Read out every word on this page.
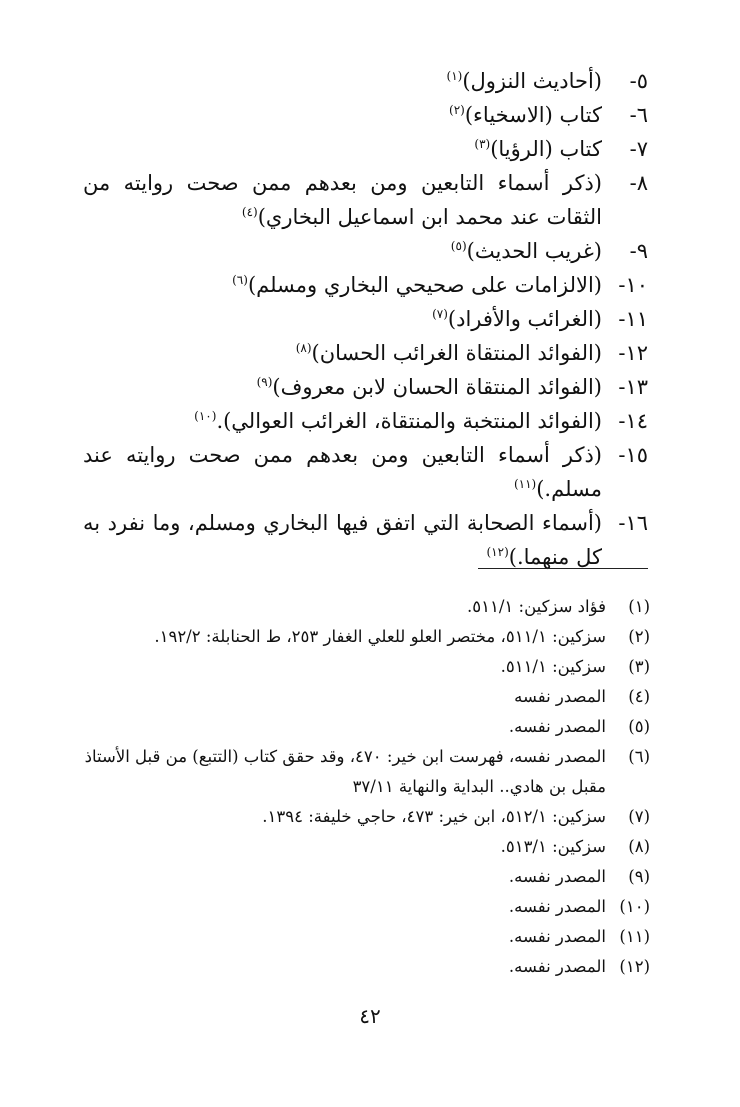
٥-
(أحاديث النزول)$^{(١)}$
٦-
كتاب (الاسخياء)$^{(٢)}$
٧-
كتاب (الرؤيا)$^{(٣)}$
٨-
(ذكر أسماء التابعين ومن بعدهم ممن صحت روايته من الثقات عند محمد ابن اسماعيل البخاري)$^{(٤)}$
٩-
(غريب الحديث)$^{(٥)}$
١٠-
(الالزامات على صحيحي البخاري ومسلم)$^{(٦)}$
١١-
(الغرائب والأفراد)$^{(٧)}$
١٢-
(الفوائد المنتقاة الغرائب الحسان)$^{(٨)}$
١٣-
(الفوائد المنتقاة الحسان لابن معروف)$^{(٩)}$
١٤-
(الفوائد المنتخبة والمنتقاة، الغرائب العوالي).$^{(١٠)}$
١٥-
(ذكر أسماء التابعين ومن بعدهم ممن صحت روايته عند مسلم.)$^{(١١)}$
١٦-
(أسماء الصحابة التي اتفق فيها البخاري ومسلم، وما نفرد به كل منهما.)$^{(١٢)}$
(١)
فؤاد سزكين: ٥١١/١.
(٢)
سزكين: ٥١١/١، مختصر العلو للعلي الغفار ٢٥٣، ط الحنابلة: ١٩٢/٢.
(٣)
سزكين: ٥١١/١.
(٤)
المصدر نفسه
(٥)
المصدر نفسه.
(٦)
المصدر نفسه، فهرست ابن خير: ٤٧٠، وقد حقق كتاب (التتبع) من قبل الأستاذ مقبل بن هادي.. البداية والنهاية ٣٧/١١
(٧)
سزكين: ٥١٢/١، ابن خير: ٤٧٣، حاجي خليفة: ١٣٩٤.
(٨)
سزكين: ٥١٣/١.
(٩)
المصدر نفسه.
(١٠)
المصدر نفسه.
(١١)
المصدر نفسه.
(١٢)
المصدر نفسه.
٤٢
